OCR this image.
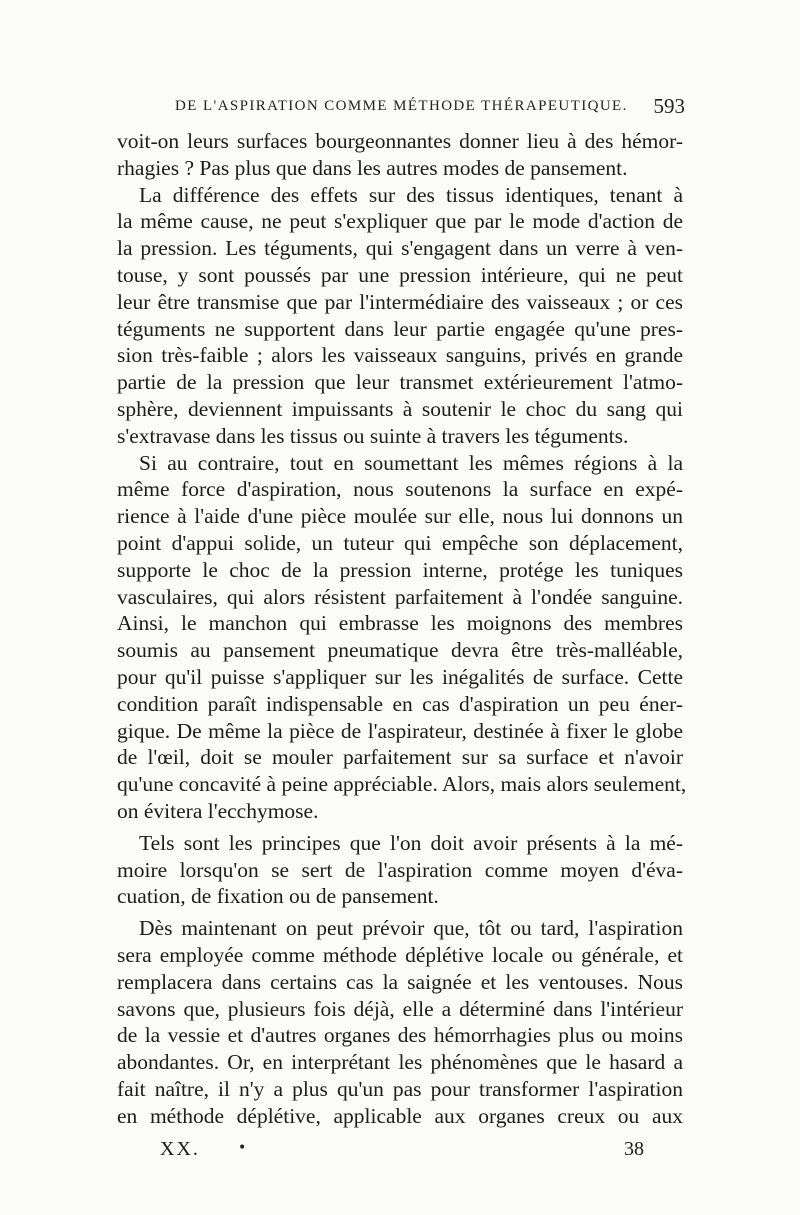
DE L'ASPIRATION COMME MÉTHODE THÉRAPEUTIQUE. 593
voit-on leurs surfaces bourgeonnantes donner lieu à des hémor-
rhagies ? Pas plus que dans les autres modes de pansement.
La différence des effets sur des tissus identiques, tenant à
la même cause, ne peut s'expliquer que par le mode d'action de
la pression. Les téguments, qui s'engagent dans un verre à ven-
touse, y sont poussés par une pression intérieure, qui ne peut
leur être transmise que par l'intermédiaire des vaisseaux ; or ces
téguments ne supportent dans leur partie engagée qu'une pres-
sion très-faible ; alors les vaisseaux sanguins, privés en grande
partie de la pression que leur transmet extérieurement l'atmo-
sphère, deviennent impuissants à soutenir le choc du sang qui
s'extravase dans les tissus ou suinte à travers les téguments.
Si au contraire, tout en soumettant les mêmes régions à la
même force d'aspiration, nous soutenons la surface en expé-
rience à l'aide d'une pièce moulée sur elle, nous lui donnons un
point d'appui solide, un tuteur qui empêche son déplacement,
supporte le choc de la pression interne, protége les tuniques
vasculaires, qui alors résistent parfaitement à l'ondée sanguine.
Ainsi, le manchon qui embrasse les moignons des membres
soumis au pansement pneumatique devra être très-malléable,
pour qu'il puisse s'appliquer sur les inégalités de surface. Cette
condition paraît indispensable en cas d'aspiration un peu éner-
gique. De même la pièce de l'aspirateur, destinée à fixer le globe
de l'œil, doit se mouler parfaitement sur sa surface et n'avoir
qu'une concavité à peine appréciable. Alors, mais alors seulement,
on évitera l'ecchymose.
Tels sont les principes que l'on doit avoir présents à la mé-
moire lorsqu'on se sert de l'aspiration comme moyen d'éva-
cuation, de fixation ou de pansement.
Dès maintenant on peut prévoir que, tôt ou tard, l'aspiration
sera employée comme méthode déplétive locale ou générale, et
remplacera dans certains cas la saignée et les ventouses. Nous
savons que, plusieurs fois déjà, elle a déterminé dans l'intérieur
de la vessie et d'autres organes des hémorrhagies plus ou moins
abondantes. Or, en interprétant les phénomènes que le hasard a
fait naître, il n'y a plus qu'un pas pour transformer l'aspiration
en méthode déplétive, applicable aux organes creux ou aux
XX.	•	38
